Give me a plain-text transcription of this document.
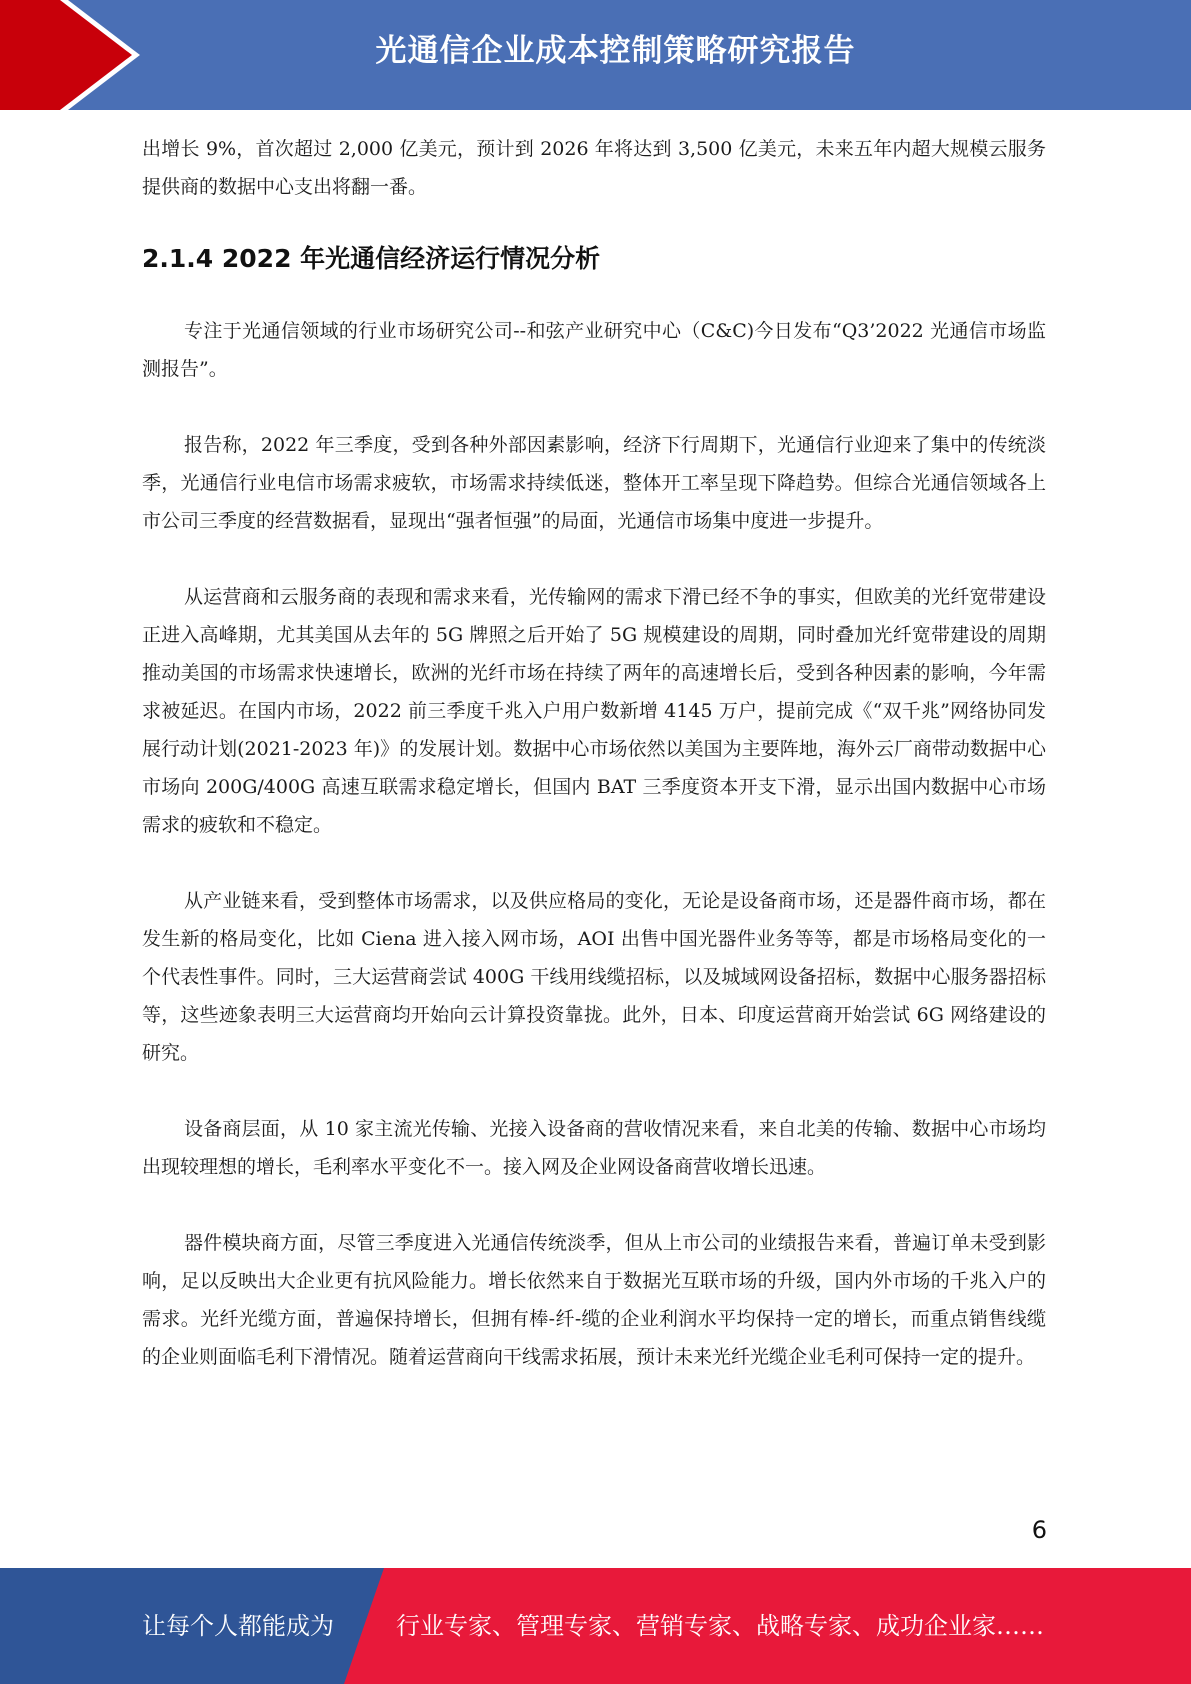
光通信企业成本控制策略研究报告

出增长 9%，首次超过 2,000 亿美元，预计到 2026 年将达到 3,500 亿美元，未来五年内超大规模云服务提供商的数据中心支出将翻一番。

2.1.4 2022 年光通信经济运行情况分析

专注于光通信领域的行业市场研究公司--和弦产业研究中心（C&C)今日发布“Q3’2022 光通信市场监测报告”。

报告称，2022 年三季度，受到各种外部因素影响，经济下行周期下，光通信行业迎来了集中的传统淡季，光通信行业电信市场需求疲软，市场需求持续低迷，整体开工率呈现下降趋势。但综合光通信领域各上市公司三季度的经营数据看，显现出“强者恒强”的局面，光通信市场集中度进一步提升。

从运营商和云服务商的表现和需求来看，光传输网的需求下滑已经不争的事实，但欧美的光纤宽带建设正进入高峰期，尤其美国从去年的 5G 牌照之后开始了 5G 规模建设的周期，同时叠加光纤宽带建设的周期推动美国的市场需求快速增长，欧洲的光纤市场在持续了两年的高速增长后，受到各种因素的影响，今年需求被延迟。在国内市场，2022 前三季度千兆入户用户数新增 4145 万户，提前完成《“双千兆”网络协同发展行动计划(2021-2023 年)》的发展计划。数据中心市场依然以美国为主要阵地，海外云厂商带动数据中心市场向 200G/400G 高速互联需求稳定增长，但国内 BAT 三季度资本开支下滑，显示出国内数据中心市场需求的疲软和不稳定。

从产业链来看，受到整体市场需求，以及供应格局的变化，无论是设备商市场，还是器件商市场，都在发生新的格局变化，比如 Ciena 进入接入网市场，AOI 出售中国光器件业务等等，都是市场格局变化的一个代表性事件。同时，三大运营商尝试 400G 干线用线缆招标，以及城域网设备招标，数据中心服务器招标等，这些迹象表明三大运营商均开始向云计算投资靠拢。此外，日本、印度运营商开始尝试 6G 网络建设的研究。

设备商层面，从 10 家主流光传输、光接入设备商的营收情况来看，来自北美的传输、数据中心市场均出现较理想的增长，毛利率水平变化不一。接入网及企业网设备商营收增长迅速。

器件模块商方面，尽管三季度进入光通信传统淡季，但从上市公司的业绩报告来看，普遍订单未受到影响，足以反映出大企业更有抗风险能力。增长依然来自于数据光互联市场的升级，国内外市场的千兆入户的需求。光纤光缆方面，普遍保持增长，但拥有棒-纤-缆的企业利润水平均保持一定的增长，而重点销售线缆的企业则面临毛利下滑情况。随着运营商向干线需求拓展，预计未来光纤光缆企业毛利可保持一定的提升。

6
让每个人都能成为	行业专家、管理专家、营销专家、战略专家、成功企业家……
